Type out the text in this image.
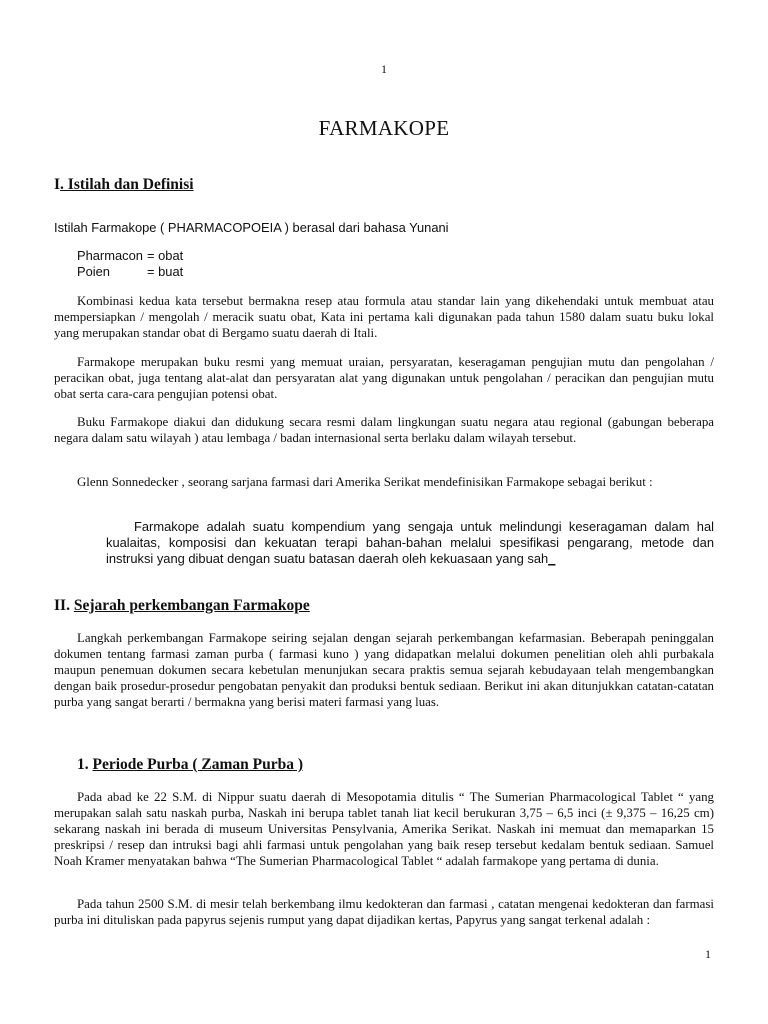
1
FARMAKOPE
I. Istilah dan Definisi
Istilah Farmakope ( PHARMACOPOEIA ) berasal dari bahasa Yunani
Pharmacon = obat
Poien	= buat

Kombinasi kedua kata tersebut bermakna resep atau formula atau standar lain yang dikehendaki untuk membuat atau mempersiapkan / mengolah / meracik suatu obat, Kata ini pertama kali digunakan pada tahun 1580 dalam suatu buku lokal yang merupakan standar obat di Bergamo suatu daerah di Itali.

Farmakope merupakan buku resmi yang memuat uraian, persyaratan, keseragaman pengujian mutu dan pengolahan / peracikan obat, juga tentang alat-alat dan persyaratan alat yang digunakan untuk pengolahan / peracikan dan pengujian mutu obat serta cara-cara pengujian potensi obat.

Buku Farmakope diakui dan didukung secara resmi dalam lingkungan suatu negara atau regional (gabungan beberapa negara dalam satu wilayah ) atau lembaga / badan internasional serta berlaku dalam wilayah tersebut.

Glenn Sonnedecker , seorang sarjana farmasi dari Amerika Serikat mendefinisikan Farmakope sebagai berikut :

Farmakope adalah suatu kompendium yang sengaja untuk melindungi keseragaman dalam hal kualaitas, komposisi dan kekuatan terapi bahan-bahan melalui spesifikasi pengarang, metode dan instruksi yang dibuat dengan suatu batasan daerah oleh kekuasaan yang sah_

II. Sejarah perkembangan Farmakope

Langkah perkembangan Farmakope seiring sejalan dengan sejarah perkembangan kefarmasian. Beberapah peninggalan dokumen tentang farmasi zaman purba ( farmasi kuno ) yang didapatkan melalui dokumen penelitian oleh ahli purbakala maupun penemuan dokumen secara kebetulan menunjukan secara praktis semua sejarah kebudayaan telah mengembangkan dengan baik prosedur-prosedur pengobatan penyakit dan produksi bentuk sediaan. Berikut ini akan ditunjukkan catatan-catatan purba yang sangat berarti / bermakna yang berisi materi farmasi yang luas.

1. Periode Purba ( Zaman Purba )

Pada abad ke 22 S.M. di Nippur suatu daerah di Mesopotamia ditulis “ The Sumerian Pharmacological Tablet “ yang merupakan salah satu naskah purba, Naskah ini berupa tablet tanah liat kecil berukuran 3,75 – 6,5 inci (± 9,375 – 16,25 cm) sekarang naskah ini berada di museum Universitas Pensylvania, Amerika Serikat. Naskah ini memuat dan memaparkan 15 preskripsi / resep dan intruksi bagi ahli farmasi untuk pengolahan yang baik resep tersebut kedalam bentuk sediaan. Samuel Noah Kramer menyatakan bahwa “The Sumerian Pharmacological Tablet “ adalah farmakope yang pertama di dunia.

Pada tahun 2500 S.M. di mesir telah berkembang ilmu kedokteran dan farmasi , catatan mengenai kedokteran dan farmasi purba ini dituliskan pada papyrus sejenis rumput yang dapat dijadikan kertas, Papyrus yang sangat terkenal adalah :

1
